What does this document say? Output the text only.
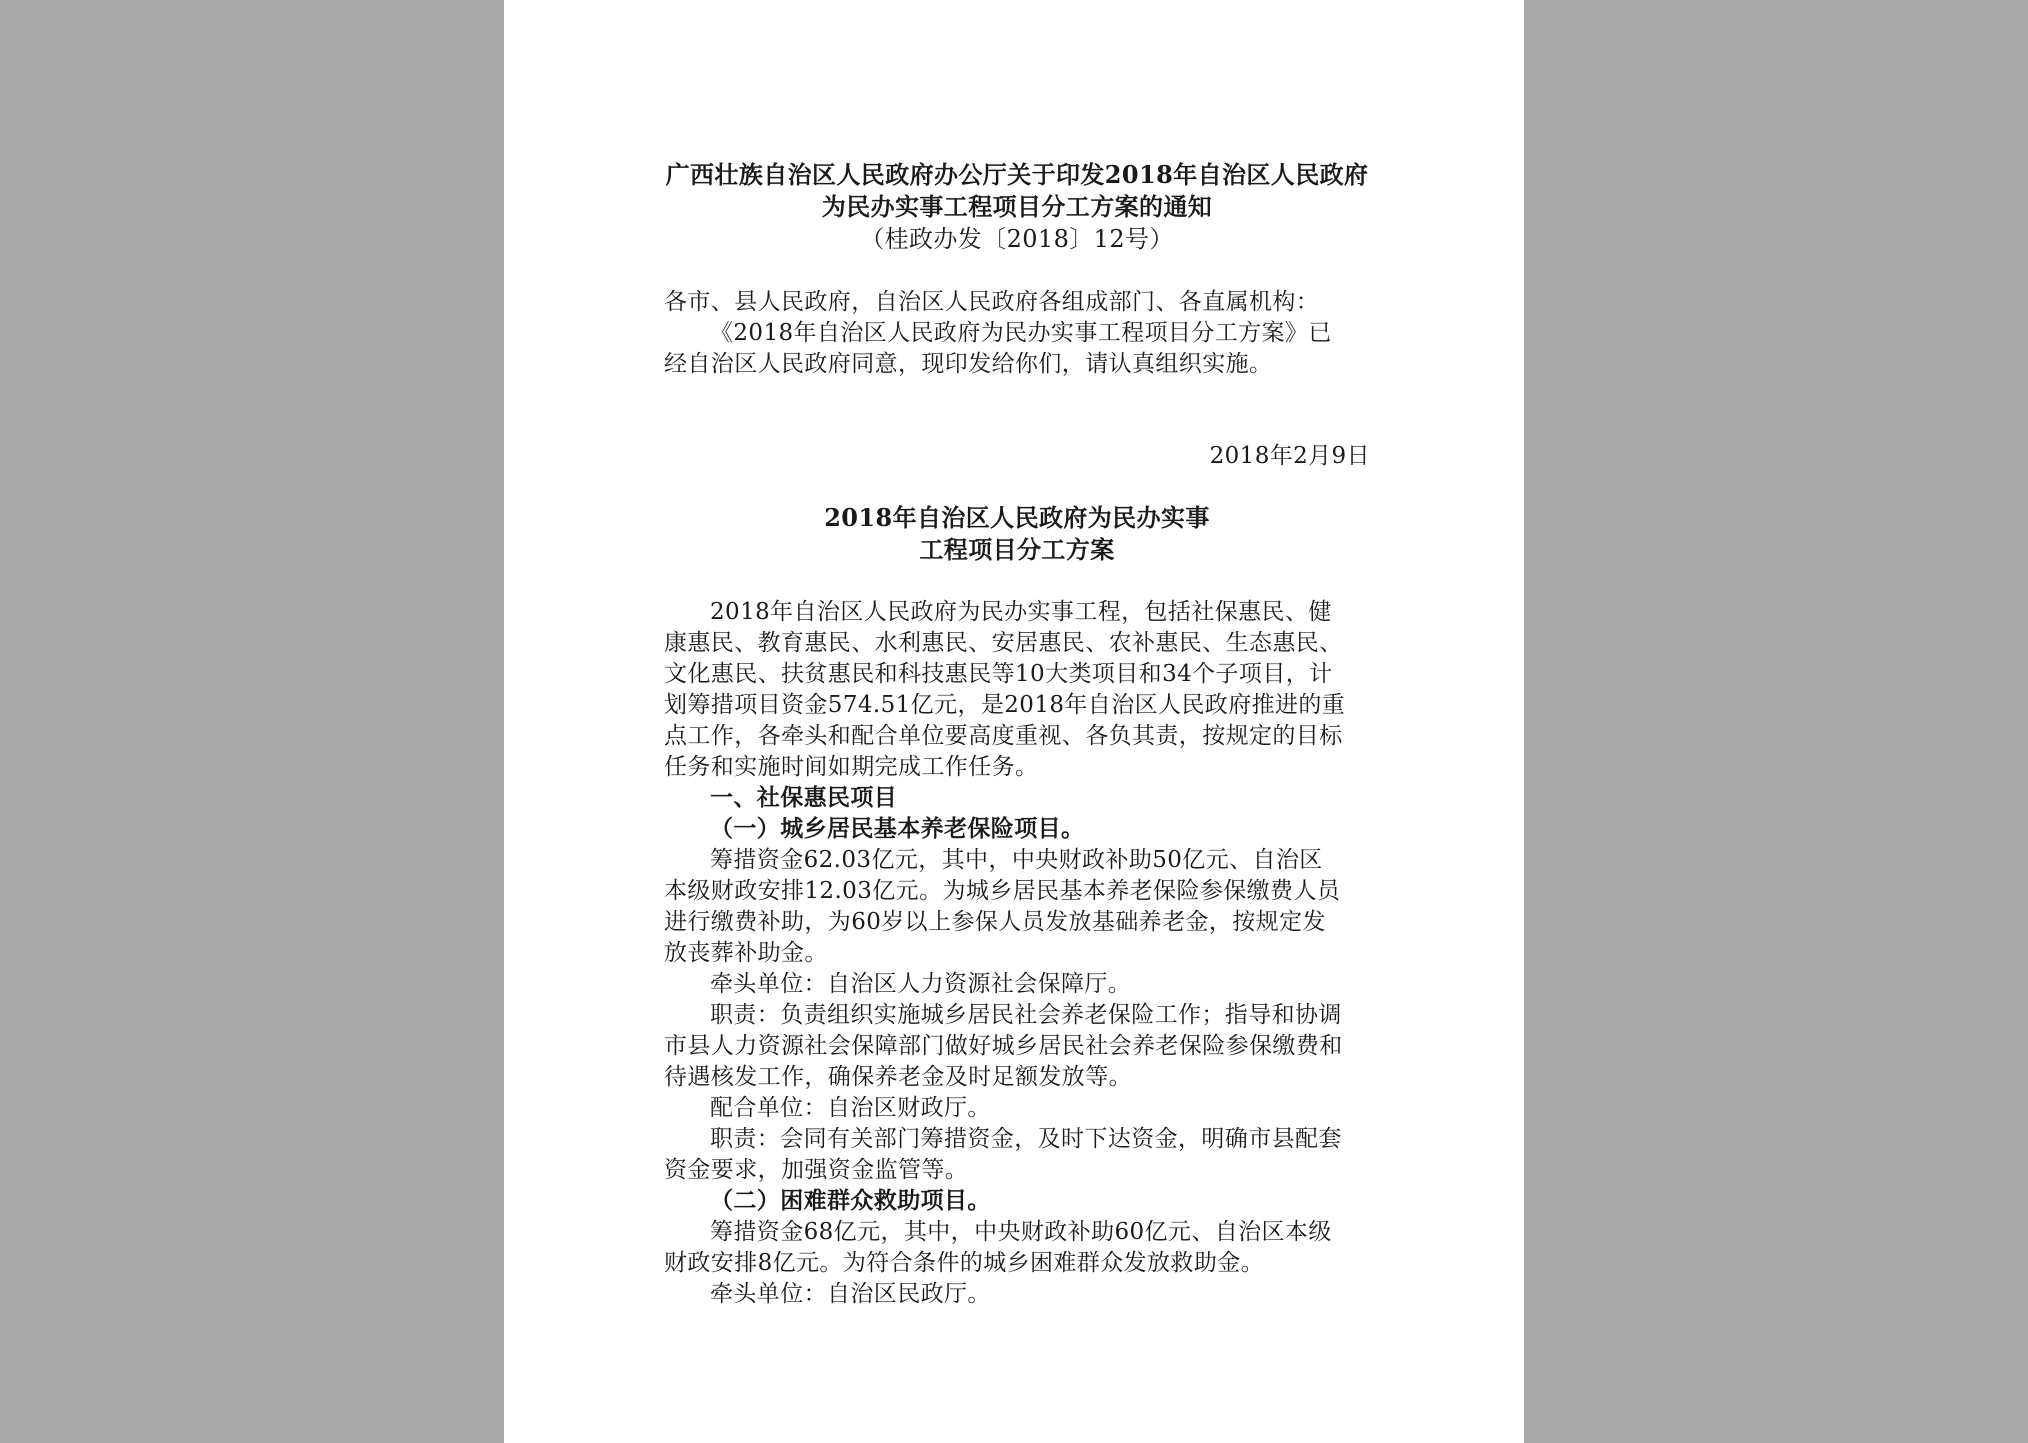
广西壮族自治区人民政府办公厅关于印发2018年自治区人民政府
为民办实事工程项目分工方案的通知
（桂政办发〔2018〕12号）
各市、县人民政府，自治区人民政府各组成部门、各直属机构：
《2018年自治区人民政府为民办实事工程项目分工方案》已
经自治区人民政府同意，现印发给你们，请认真组织实施。
2018年2月9日
2018年自治区人民政府为民办实事
工程项目分工方案
2018年自治区人民政府为民办实事工程，包括社保惠民、健
康惠民、教育惠民、水利惠民、安居惠民、农补惠民、生态惠民、
文化惠民、扶贫惠民和科技惠民等10大类项目和34个子项目，计
划筹措项目资金574.51亿元，是2018年自治区人民政府推进的重
点工作，各牵头和配合单位要高度重视、各负其责，按规定的目标
任务和实施时间如期完成工作任务。
一、社保惠民项目
（一）城乡居民基本养老保险项目。
筹措资金62.03亿元，其中，中央财政补助50亿元、自治区
本级财政安排12.03亿元。为城乡居民基本养老保险参保缴费人员
进行缴费补助，为60岁以上参保人员发放基础养老金，按规定发
放丧葬补助金。
牵头单位：自治区人力资源社会保障厅。
职责：负责组织实施城乡居民社会养老保险工作；指导和协调
市县人力资源社会保障部门做好城乡居民社会养老保险参保缴费和
待遇核发工作，确保养老金及时足额发放等。
配合单位：自治区财政厅。
职责：会同有关部门筹措资金，及时下达资金，明确市县配套
资金要求，加强资金监管等。
（二）困难群众救助项目。
筹措资金68亿元，其中，中央财政补助60亿元、自治区本级
财政安排8亿元。为符合条件的城乡困难群众发放救助金。
牵头单位：自治区民政厅。
